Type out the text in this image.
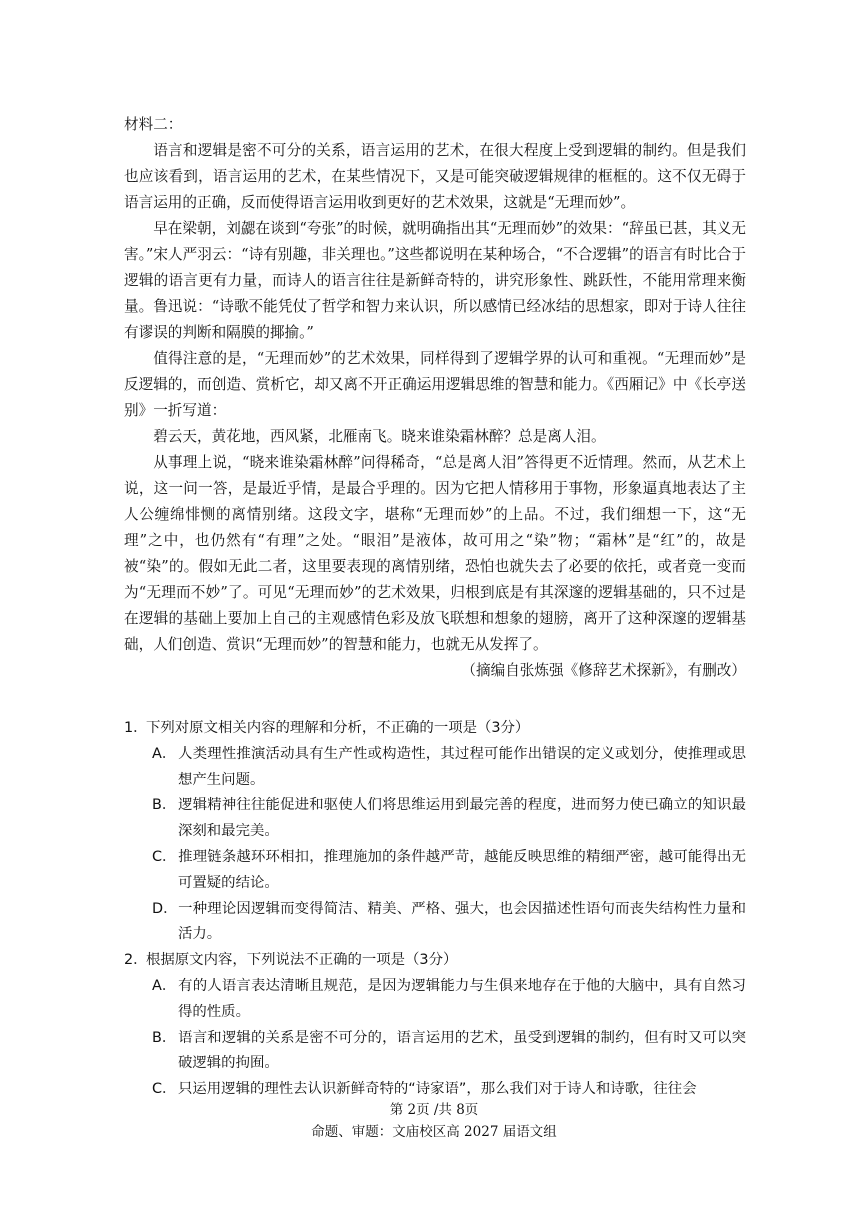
材料二：

语言和逻辑是密不可分的关系，语言运用的艺术，在很大程度上受到逻辑的制约。但是我们也应该看到，语言运用的艺术，在某些情况下，又是可能突破逻辑规律的框框的。这不仅无碍于语言运用的正确，反而使得语言运用收到更好的艺术效果，这就是“无理而妙”。

早在梁朝，刘勰在谈到“夸张”的时候，就明确指出其“无理而妙”的效果：“辞虽已甚，其义无害。”宋人严羽云：“诗有别趣，非关理也。”这些都说明在某种场合，“不合逻辑”的语言有时比合于逻辑的语言更有力量，而诗人的语言往往是新鲜奇特的，讲究形象性、跳跃性，不能用常理来衡量。鲁迅说：“诗歌不能凭仗了哲学和智力来认识，所以感情已经冰结的思想家，即对于诗人往往有谬误的判断和隔膜的揶揄。”

值得注意的是，“无理而妙”的艺术效果，同样得到了逻辑学界的认可和重视。“无理而妙”是反逻辑的，而创造、赏析它，却又离不开正确运用逻辑思维的智慧和能力。《西厢记》中《长亭送别》一折写道：

碧云天，黄花地，西风紧，北雁南飞。晓来谁染霜林醉？总是离人泪。

从事理上说，“晓来谁染霜林醉”问得稀奇，“总是离人泪”答得更不近情理。然而，从艺术上说，这一问一答，是最近乎情，是最合乎理的。因为它把人情移用于事物，形象逼真地表达了主人公缠绵悱恻的离情别绪。这段文字，堪称“无理而妙”的上品。不过，我们细想一下，这“无理”之中，也仍然有“有理”之处。“眼泪”是液体，故可用之“染”物；“霜林”是“红”的，故是被“染”的。假如无此二者，这里要表现的离情别绪，恐怕也就失去了必要的依托，或者竟一变而为“无理而不妙”了。可见“无理而妙”的艺术效果，归根到底是有其深邃的逻辑基础的，只不过是在逻辑的基础上要加上自己的主观感情色彩及放飞联想和想象的翅膀，离开了这种深邃的逻辑基础，人们创造、赏识“无理而妙”的智慧和能力，也就无从发挥了。

（摘编自张炼强《修辞艺术探新》，有删改）

1．下列对原文相关内容的理解和分析，不正确的一项是（3分）

A． 人类理性推演活动具有生产性或构造性，其过程可能作出错误的定义或划分，使推理或思想产生问题。

B． 逻辑精神往往能促进和驱使人们将思维运用到最完善的程度，进而努力使已确立的知识最深刻和最完美。

C． 推理链条越环环相扣，推理施加的条件越严苛，越能反映思维的精细严密，越可能得出无可置疑的结论。

D．一种理论因逻辑而变得简洁、精美、严格、强大，也会因描述性语句而丧失结构性力量和活力。

2．根据原文内容，下列说法不正确的一项是（3分）

A． 有的人语言表达清晰且规范，是因为逻辑能力与生俱来地存在于他的大脑中，具有自然习得的性质。

B． 语言和逻辑的关系是密不可分的，语言运用的艺术，虽受到逻辑的制约，但有时又可以突破逻辑的拘囿。

C． 只运用逻辑的理性去认识新鲜奇特的“诗家语”，那么我们对于诗人和诗歌，往往会

第 2页 /共 8页
命题、审题：文庙校区高 2027 届语文组
